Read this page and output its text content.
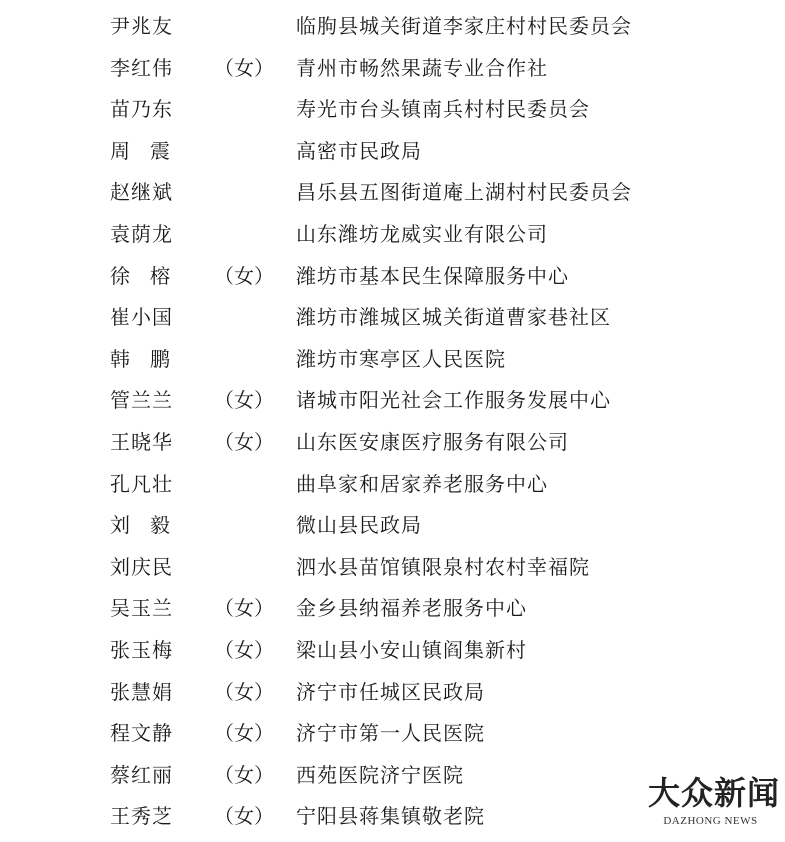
尹兆友	临朐县城关街道李家庄村村民委员会
李红伟 （女） 青州市畅然果蔬专业合作社
苗乃东	寿光市台头镇南兵村村民委员会
周　震	高密市民政局
赵继斌	昌乐县五图街道庵上湖村村民委员会
袁荫龙	山东潍坊龙威实业有限公司
徐　榕 （女） 潍坊市基本民生保障服务中心
崔小国	潍坊市潍城区城关街道曹家巷社区
韩　鹏	潍坊市寒亭区人民医院
管兰兰 （女） 诸城市阳光社会工作服务发展中心
王晓华 （女） 山东医安康医疗服务有限公司
孔凡壮	曲阜家和居家养老服务中心
刘　毅	微山县民政局
刘庆民	泗水县苗馆镇限泉村农村幸福院
吴玉兰 （女） 金乡县纳福养老服务中心
张玉梅 （女） 梁山县小安山镇阎集新村
张慧娟 （女） 济宁市任城区民政局
程文静 （女） 济宁市第一人民医院
蔡红丽 （女） 西苑医院济宁医院
王秀芝 （女） 宁阳县蒋集镇敬老院
大众新闻
DAZHONG NEWS
